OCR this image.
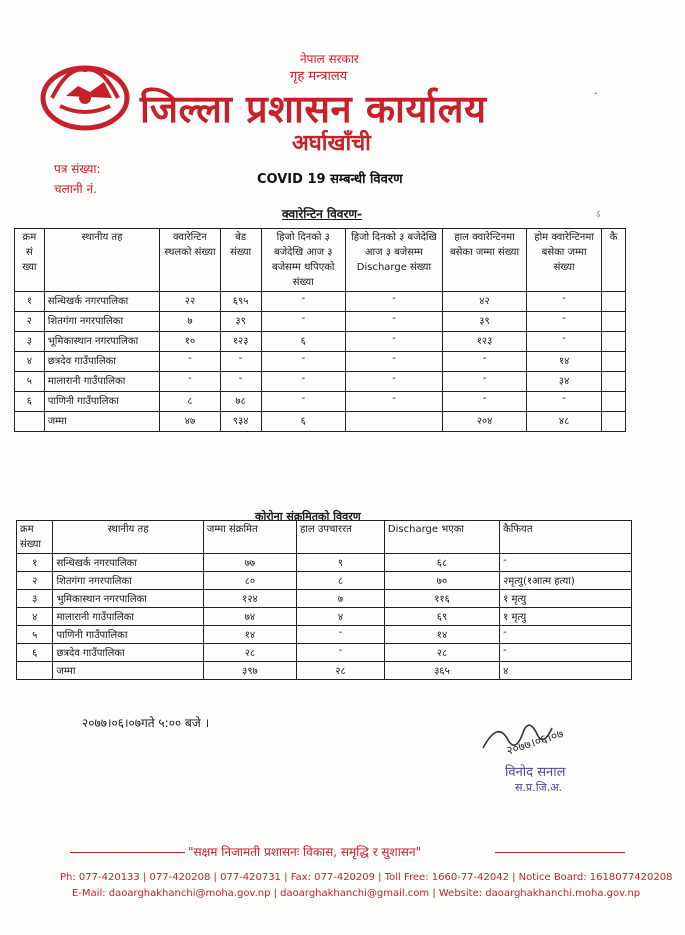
नेपाल सरकार
गृह मन्त्रालय
जिल्ला प्रशासन कार्यालय
अर्घाखाँची
ꞈ
पत्र संख्या:
चलानी नं.
COVID 19 सम्बन्धी विवरण
क्वारेन्टिन विवरण-	ऽ
क्रम सं ख्या	स्थानीय तह	क्वारेन्टिन स्थलको संख्या	बेड संख्या	हिजो दिनको ३ बजेदेखि आज ३ बजेसम्म थपिएको संख्या	हिजो दिनको ३ बजेदेखि आज ३ बजेसम्म Discharge संख्या	हाल क्वारेन्टिनमा बसेका जम्मा संख्या	होम क्वारेन्टिनमा बसेका जम्मा संख्या	कै
१	सन्धिखर्क नगरपालिका	२२	६९५	-	-	४२	-	
२	शितगंगा नगरपालिका	७	३९	-	-	३९	-	
३	भूमिकास्थान नगरपालिका	१०	१२३	६	-	१२३	-	
४	छत्रदेव गाउँपालिका	-	-	-	-	-	१४	
५	मालारानी गाउँपालिका	-	-	-	-	-	३४	
६	पाणिनी गाउँपालिका	८	७८	-	-	-	-	
	जम्मा	४७	९३४	६		२०४	४८	
कोरोना संक्रमितको विवरण
क्रम संख्या	स्थानीय तह	जम्मा संक्रमित	हाल उपचाररत	Discharge भएका	कैफियत
१	सन्धिखर्क नगरपालिका	७७	९	६८	-
२	शितगंगा नगरपालिका	८०	८	७०	२मृत्यु(१आत्म हत्या)
३	भुमिकास्थान नगरपालिका	१२४	७	११६	१ मृत्यु
४	मालारानी गाउँपालिका	७४	४	६९	१ मृत्यु
५	पाणिनी गाउँपालिका	१४	-	१४	-
६	छत्रदेव गाउँपालिका	२८	-	२८	-
	जम्मा	३९७	२८	३६५	४
२०७७।०६।०७गते ५:०० बजे ।
२०७७।०६।०७
विनोद सनाल
स.प्र.जि.अ.
"सक्षम निजामती प्रशासनः विकास, समृद्धि र सुशासन"
Ph: 077-420133 | 077-420208 | 077-420731 | Fax: 077-420209 | Toll Free: 1660-77-42042 | Notice Board: 1618077420208
E-Mail: daoarghakhanchi@moha.gov.np | daoarghakhanchi@gmail.com | Website: daoarghakhanchi.moha.gov.np
